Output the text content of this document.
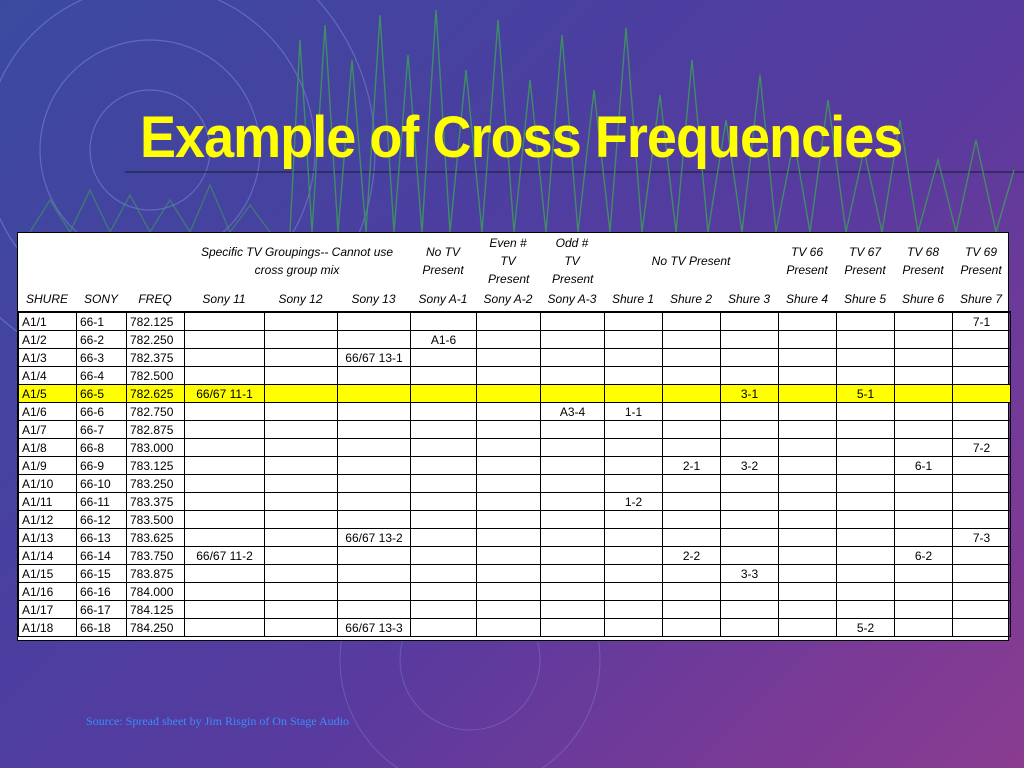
Example of Cross Frequencies
			Specific TV Groupings-- Cannot use cross group mix			No TV Present	Even # TV Present	Odd # TV Present	No TV Present			TV 66 Present	TV 67 Present	TV 68 Present	TV 69 Present
SHURE	SONY	FREQ	Sony 11	Sony 12	Sony 13	Sony A-1	Sony A-2	Sony A-3	Shure 1	Shure 2	Shure 3	Shure 4	Shure 5	Shure 6	Shure 7
A1/1	66-1	782.125													7-1
A1/2	66-2	782.250				A1-6									
A1/3	66-3	782.375			66/67 13-1										
A1/4	66-4	782.500													
A1/5	66-5	782.625	66/67 11-1								3-1		5-1		
A1/6	66-6	782.750						A3-4	1-1						
A1/7	66-7	782.875													
A1/8	66-8	783.000													7-2
A1/9	66-9	783.125								2-1	3-2			6-1	
A1/10	66-10	783.250													
A1/11	66-11	783.375							1-2						
A1/12	66-12	783.500													
A1/13	66-13	783.625			66/67 13-2										7-3
A1/14	66-14	783.750	66/67 11-2							2-2				6-2	
A1/15	66-15	783.875									3-3				
A1/16	66-16	784.000													
A1/17	66-17	784.125													
A1/18	66-18	784.250			66/67 13-3								5-2		
Source: Spread sheet by Jim Risgin of On Stage Audio
